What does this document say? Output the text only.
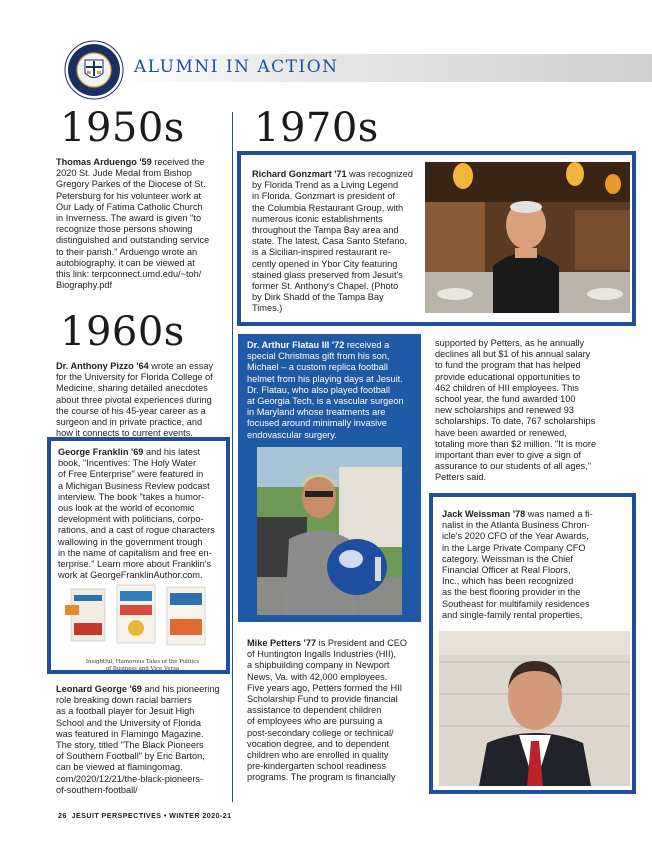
ALUMNI IN ACTION
1950s
Thomas Arduengo '59 received the
2020 St. Jude Medal from Bishop
Gregory Parkes of the Diocese of St.
Petersburg for his volunteer work at
Our Lady of Fatima Catholic Church
in Inverness. The award is given "to
recognize those persons showing
distinguished and outstanding service
to their parish." Arduengo wrote an
autobiography, it can be viewed at
this link: terpconnect.umd.edu/~toh/
Biography.pdf
1960s
Dr. Anthony Pizzo '64 wrote an essay
for the University for Florida College of
Medicine, sharing detailed anecdotes
about three pivotal experiences during
the course of his 45-year career as a
surgeon and in private practice, and
how it connects to current events.
George Franklin '69 and his latest
book, "Incentives: The Holy Water
of Free Enterprise" were featured in
a Michigan Business Review podcast
interview. The book "takes a humor-
ous look at the world of economic
development with politicians, corpo-
rations, and a cast of rogue characters
wallowing in the government trough
in the name of capitalism and free en-
terprise." Learn more about Franklin's
work at GeorgeFranklinAuthor.com.
Insightful, Humorous Tales of the Politics
of Business and Vice Versa
Leonard George '69 and his pioneering
role breaking down racial barriers
as a football player for Jesuit High
School and the University of Florida
was featured in Flamingo Magazine.
The story, titled "The Black Pioneers
of Southern Football" by Eric Barton,
can be viewed at flamingomag.
com/2020/12/21/the-black-pioneers-
of-southern-football/
1970s
Richard Gonzmart '71 was recognized
by Florida Trend as a Living Legend
in Florida. Gonzmart is president of
the Columbia Restaurant Group, with
numerous iconic establishments
throughout the Tampa Bay area and
state. The latest, Casa Santo Stefano,
is a Sicilian-inspired restaurant re-
cently opened in Ybor City featuring
stained glass preserved from Jesuit's
former St. Anthony's Chapel. (Photo
by Dirk Shadd of the Tampa Bay
Times.)
Dr. Arthur Flatau III '72 received a
special Christmas gift from his son,
Michael – a custom replica football
helmet from his playing days at Jesuit.
Dr. Flatau, who also played football
at Georgia Tech, is a vascular surgeon
in Maryland whose treatments are
focused around minimally invasive
endovascular surgery.
Mike Petters '77 is President and CEO
of Huntington Ingalls Industries (HII),
a shipbuilding company in Newport
News, Va. with 42,000 employees.
Five years ago, Petters formed the HII
Scholarship Fund to provide financial
assistance to dependent children
of employees who are pursuing a
post-secondary college or technical/
vocation degree, and to dependent
children who are enrolled in quality
pre-kindergarten school readiness
programs. The program is financially
supported by Petters, as he annually
declines all but $1 of his annual salary
to fund the program that has helped
provide educational opportunities to
462 children of HII employees. This
school year, the fund awarded 100
new scholarships and renewed 93
scholarships. To date, 767 scholarships
have been awarded or renewed,
totaling more than $2 million. "It is more
important than ever to give a sign of
assurance to our students of all ages,"
Petters said.
Jack Weissman '78 was named a fi-
nalist in the Atlanta Business Chron-
icle's 2020 CFO of the Year Awards,
in the Large Private Company CFO
category. Weissman is the Chief
Financial Officer at Real Floors,
Inc., which has been recognized
as the best flooring provider in the
Southeast for multifamily residences
and single-family rental properties,
26 JESUIT PERSPECTIVES • WINTER 2020-21
